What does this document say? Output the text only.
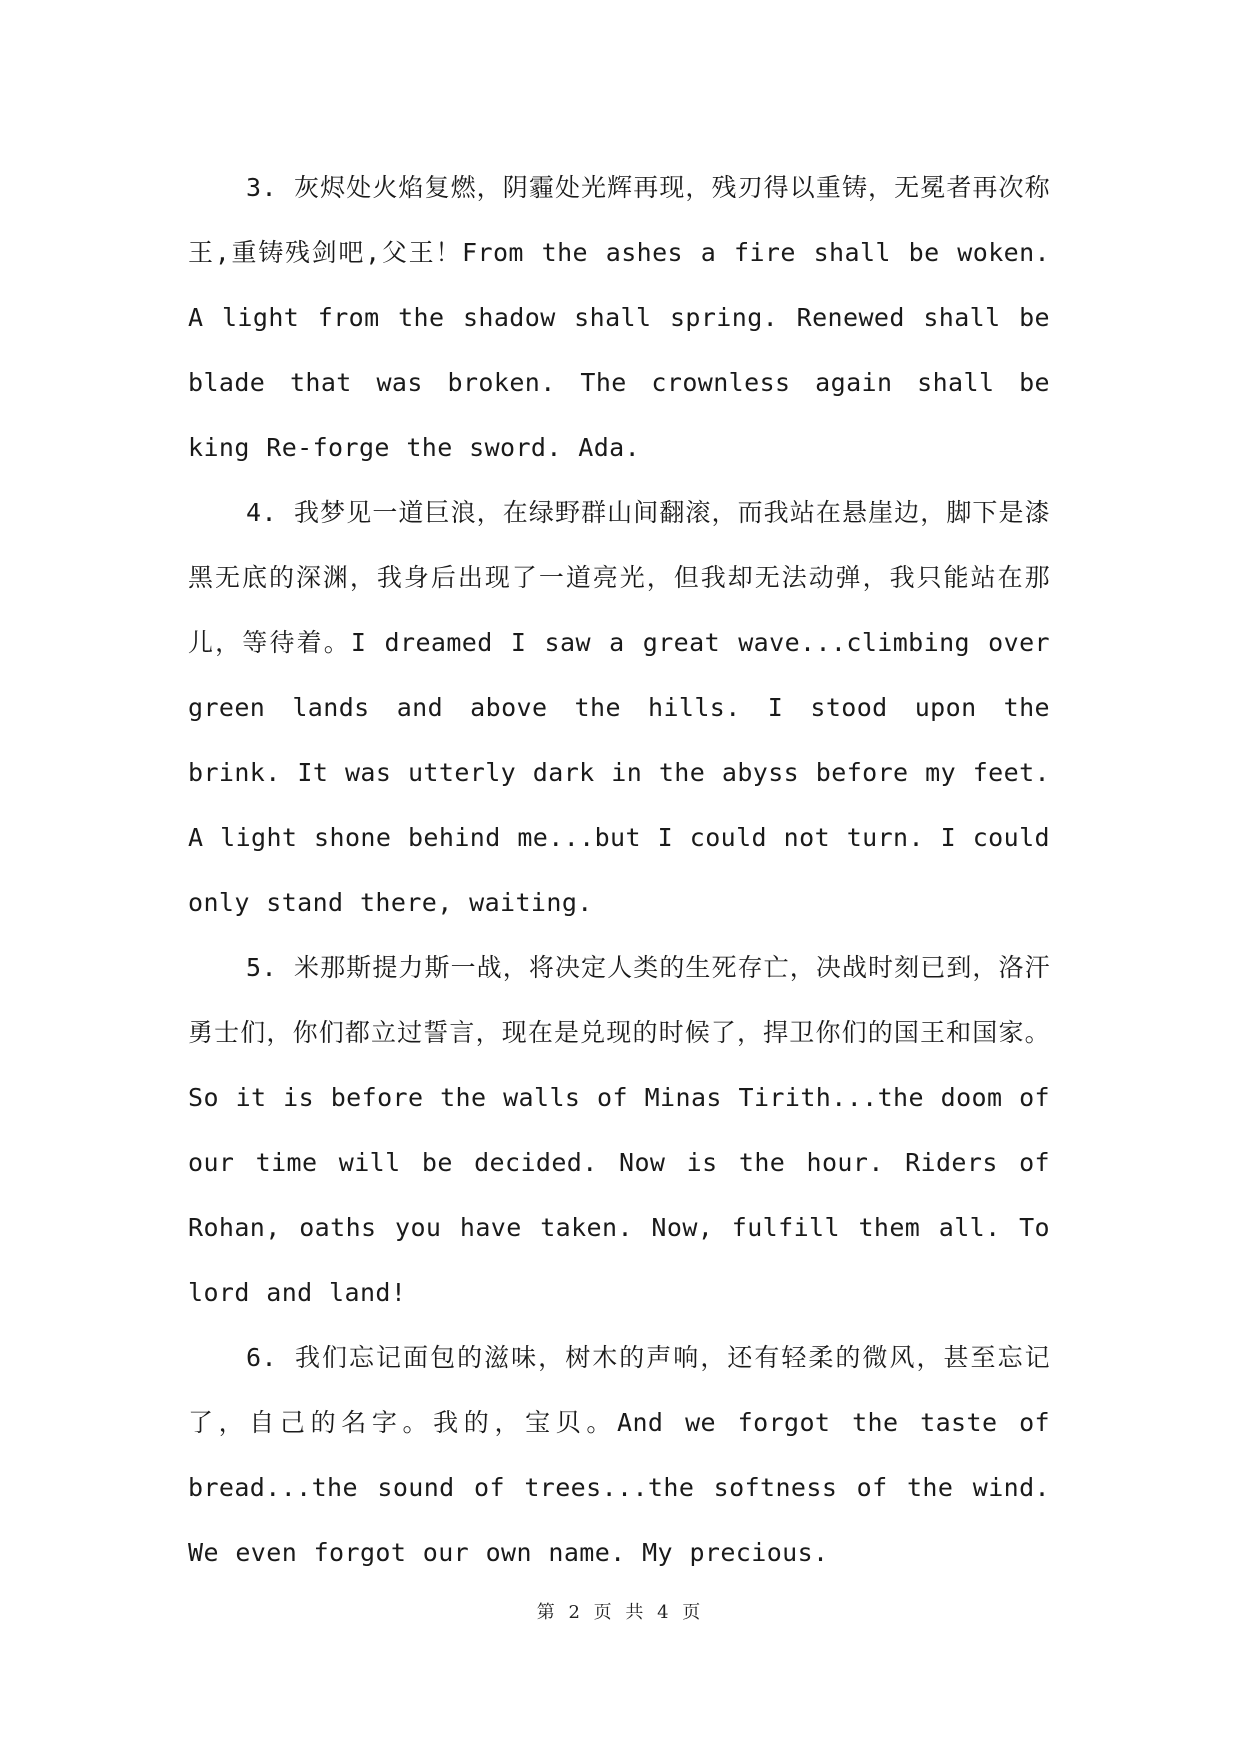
3. 灰烬处火焰复燃，阴霾处光辉再现，残刃得以重铸，无冕者再次称王,重铸残剑吧,父王！From the ashes a fire shall be woken. A light from the shadow shall spring. Renewed shall be blade that was broken. The crownless again shall be king Re-forge the sword. Ada.

4. 我梦见一道巨浪，在绿野群山间翻滚，而我站在悬崖边，脚下是漆黑无底的深渊，我身后出现了一道亮光，但我却无法动弹，我只能站在那儿，等待着。I dreamed I saw a great wave...climbing over green lands and above the hills. I stood upon the brink. It was utterly dark in the abyss before my feet. A light shone behind me...but I could not turn. I could only stand there, waiting.

5. 米那斯提力斯一战，将决定人类的生死存亡，决战时刻已到，洛汗勇士们，你们都立过誓言，现在是兑现的时候了，捍卫你们的国王和国家。So it is before the walls of Minas Tirith...the doom of our time will be decided. Now is the hour. Riders of Rohan, oaths you have taken. Now, fulfill them all. To lord and land!

6. 我们忘记面包的滋味，树木的声响，还有轻柔的微风，甚至忘记了，自己的名字。我的，宝贝。And we forgot the taste of bread...the sound of trees...the softness of the wind. We even forgot our own name. My precious.

第 2 页 共 4 页
